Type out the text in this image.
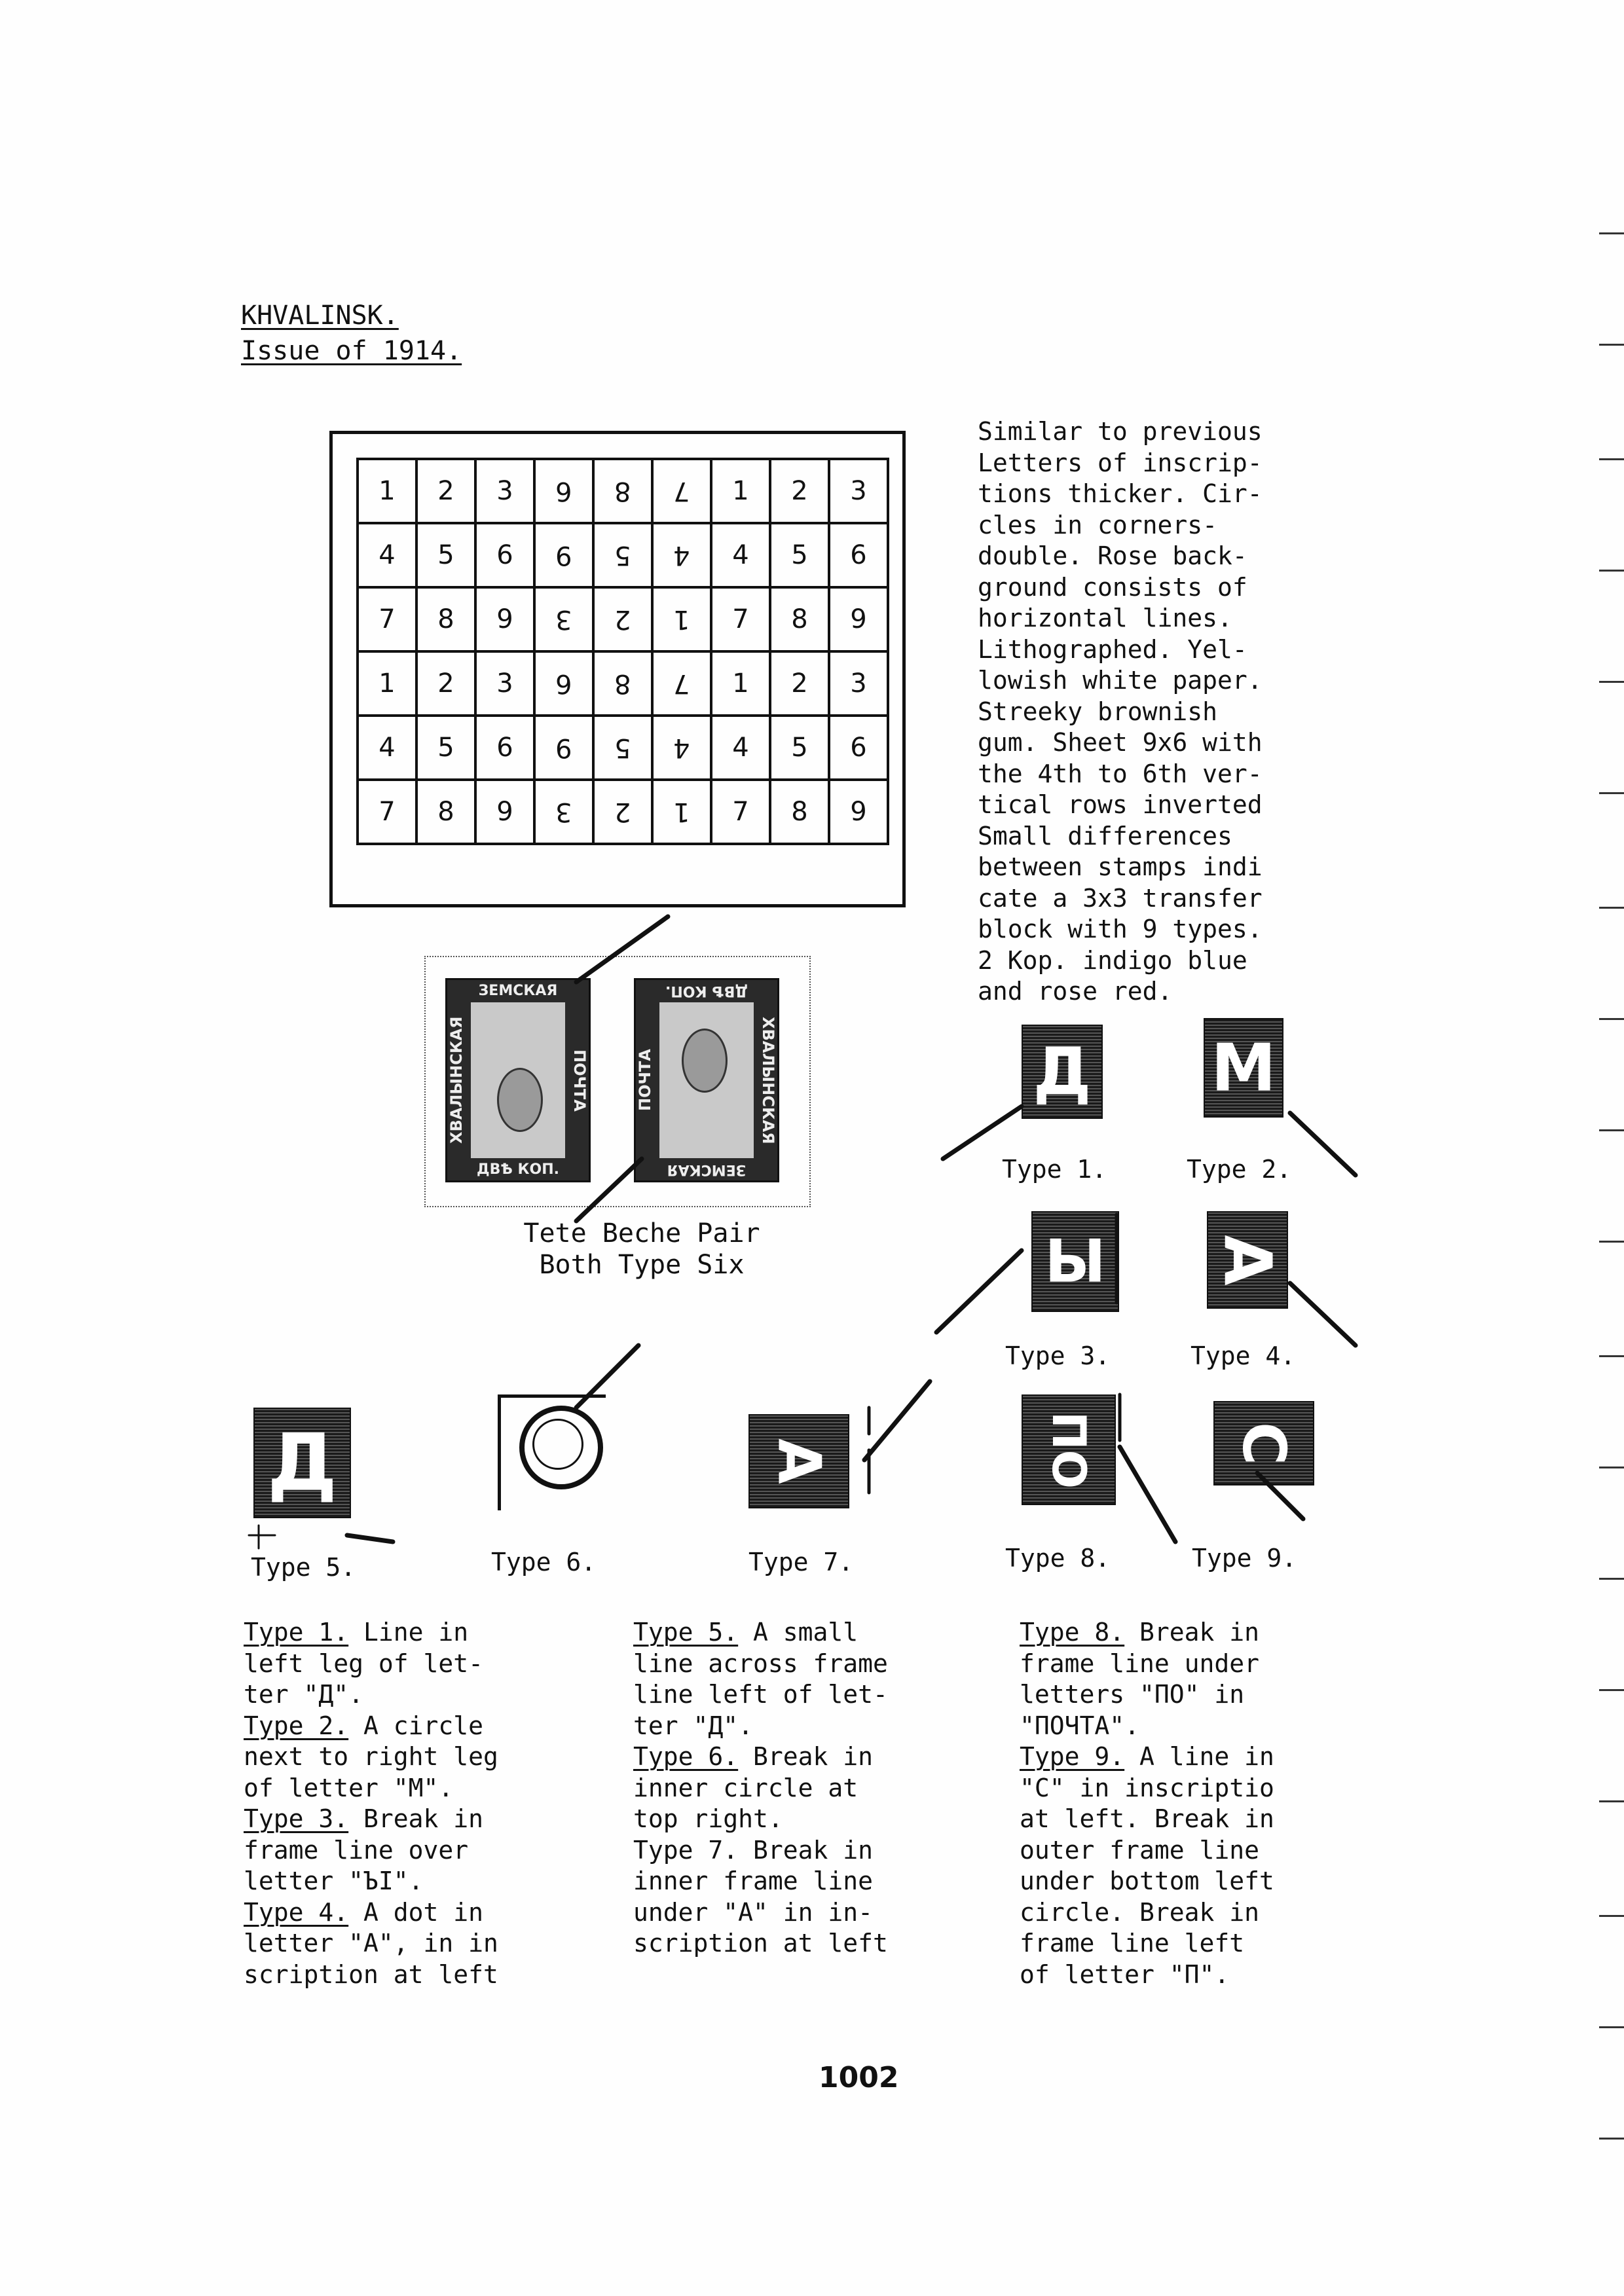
KHVALINSK.
Issue of 1914.
1	2	3	6	8	7	1	2	3
4	5	6	9	5	4	4	5	6
7	8	9	3	2	1	7	8	9
1	2	3	6	8	7	1	2	3
4	5	6	9	5	4	4	5	6
7	8	9	3	2	1	7	8	9

Similar to previous

Letters of inscrip-

tions thicker. Cir-

cles in corners-

double. Rose back-

ground consists of

horizontal lines.

Lithographed. Yel-

lowish white paper.

Streeky brownish

gum. Sheet 9x6 with

the 4th to 6th ver-

tical rows inverted

Small differences

between stamps indi

cate a 3x3 transfer

block with 9 types.

2 Kop. indigo blue

and rose red.

ЗЕМСКАЯ
ДВѢ КОП.
ХВАЛЫНСКАЯ	ПОЧТА
ЗЕМСКАЯ
ДВѢ КОП.
ХВАЛЫНСКАЯ
ПОЧТА
Tete Beche Pair
Both Type Six
Д М
Ы А
Д	А	ПО С
Type 1.	Type 2.
Type 3.	Type 4.
Type 5.	Type 6.	Type 7.	Type 8.	Type 9.

Type 1. Line in

left leg of let-

ter "Д".

Type 2. A circle

next to right leg

of letter "M".

Type 3. Break in

frame line over

letter "ЪI".

Type 4. A dot in

letter "A", in in

scription at left

Type 5. A small

line across frame

line left of let-

ter "Д".

Type 6. Break in

inner circle at

top right.

Type 7. Break in

inner frame line

under "A" in in-

scription at left

Type 8. Break in

frame line under

letters "ПО" in

"ПОЧТА".

Type 9. A line in

"C" in inscriptio

at left. Break in

outer frame line

under bottom left

circle. Break in

frame line left

of letter "П".

1002
